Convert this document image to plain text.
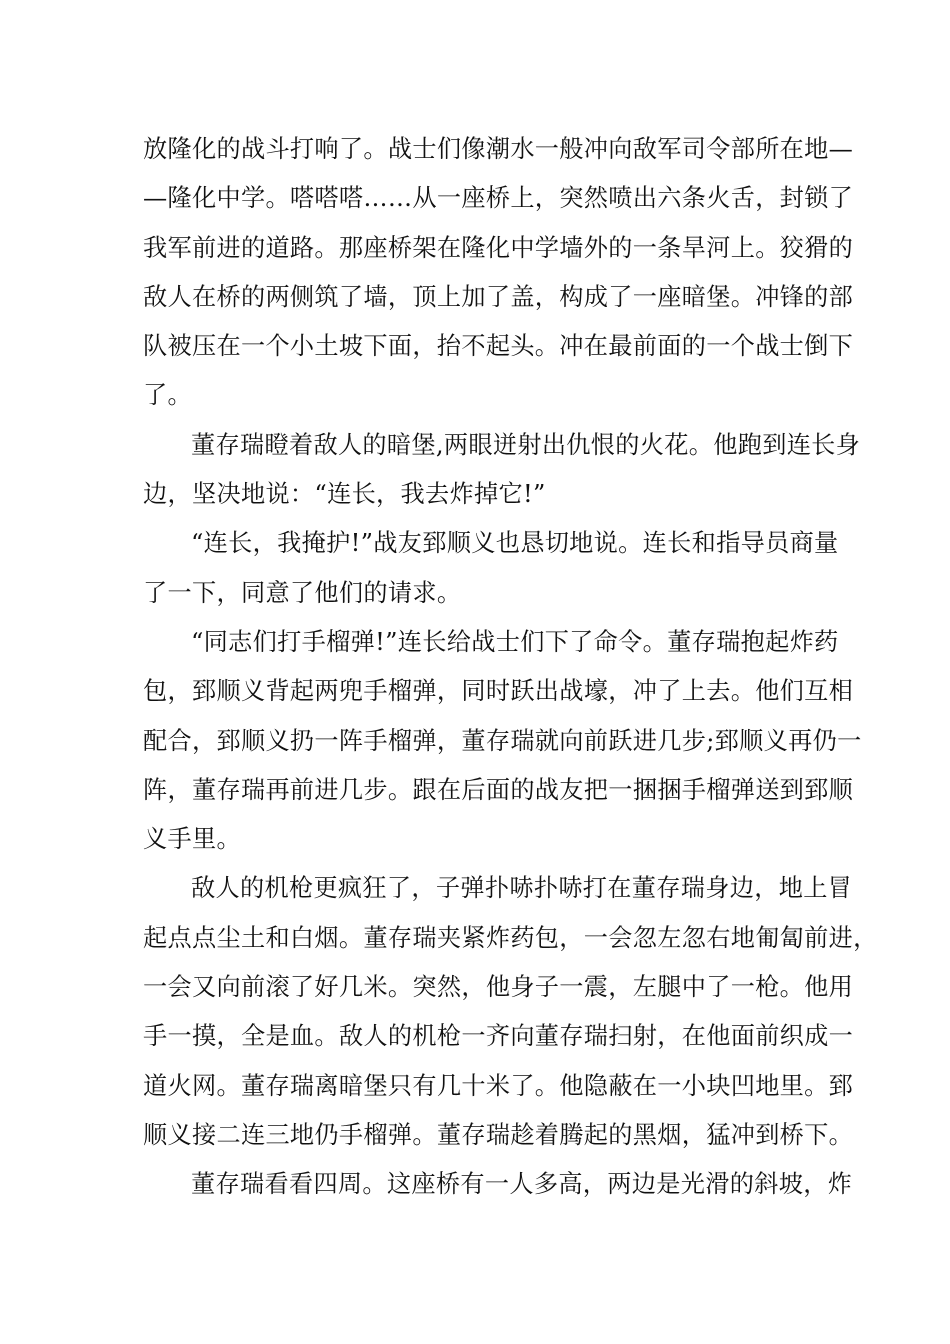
放隆化的战斗打响了。战士们像潮水一般冲向敌军司令部所在地—
—隆化中学。嗒嗒嗒……从一座桥上，突然喷出六条火舌，封锁了
我军前进的道路。那座桥架在隆化中学墙外的一条旱河上。狡猾的
敌人在桥的两侧筑了墙，顶上加了盖，构成了一座暗堡。冲锋的部
队被压在一个小土坡下面，抬不起头。冲在最前面的一个战士倒下
了。
董存瑞瞪着敌人的暗堡,两眼迸射出仇恨的火花。他跑到连长身
边，坚决地说：“连长，我去炸掉它!”
“连长，我掩护!”战友郅顺义也恳切地说。连长和指导员商量
了一下，同意了他们的请求。
“同志们打手榴弹!”连长给战士们下了命令。董存瑞抱起炸药
包，郅顺义背起两兜手榴弹，同时跃出战壕，冲了上去。他们互相
配合，郅顺义扔一阵手榴弹，董存瑞就向前跃进几步;郅顺义再仍一
阵，董存瑞再前进几步。跟在后面的战友把一捆捆手榴弹送到郅顺
义手里。
敌人的机枪更疯狂了，子弹扑哧扑哧打在董存瑞身边，地上冒
起点点尘土和白烟。董存瑞夹紧炸药包，一会忽左忽右地匍匐前进，
一会又向前滚了好几米。突然，他身子一震，左腿中了一枪。他用
手一摸，全是血。敌人的机枪一齐向董存瑞扫射，在他面前织成一
道火网。董存瑞离暗堡只有几十米了。他隐蔽在一小块凹地里。郅
顺义接二连三地仍手榴弹。董存瑞趁着腾起的黑烟，猛冲到桥下。
董存瑞看看四周。这座桥有一人多高，两边是光滑的斜坡，炸
